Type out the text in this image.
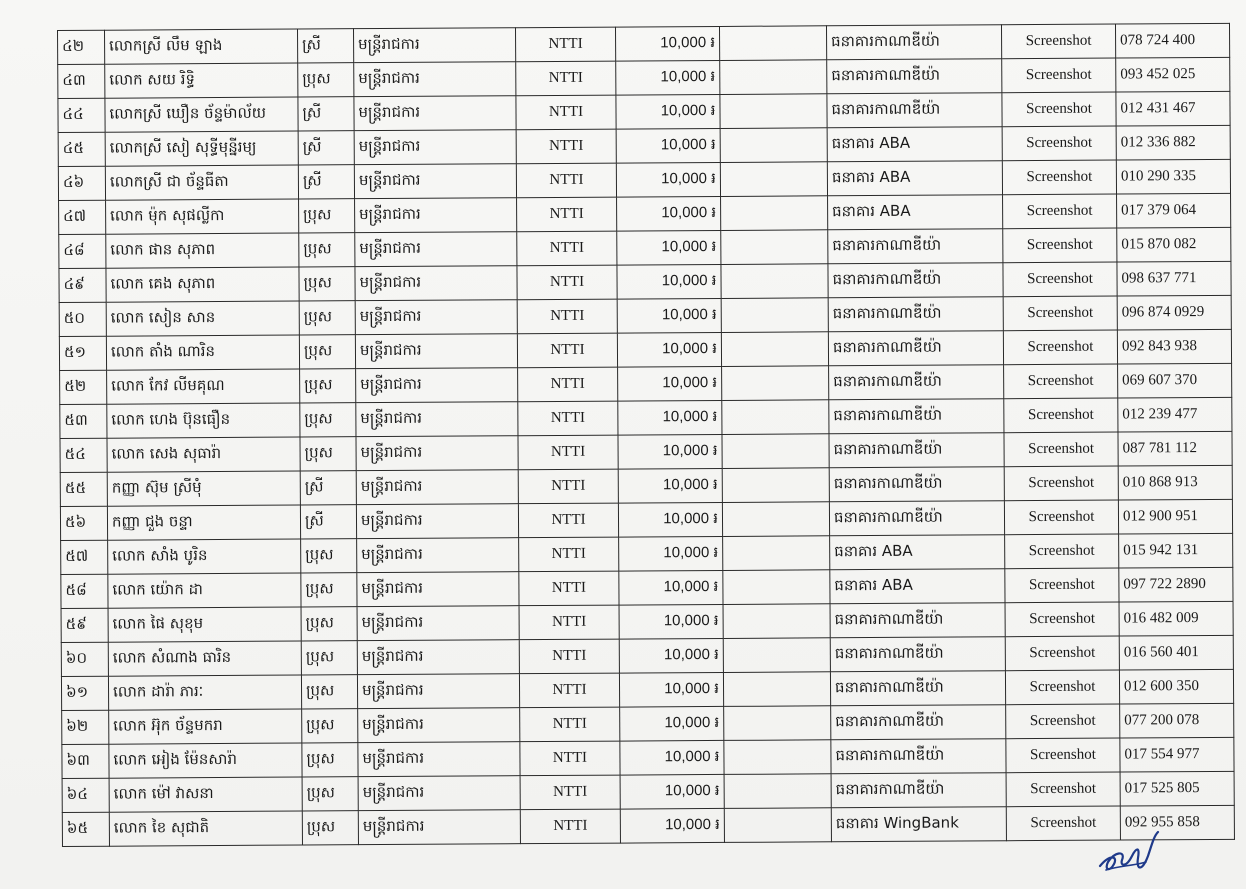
៤២	លោកស្រី លឹម ឡាង	ស្រី	មន្ត្រីរាជការ	NTTI	10,000 ៛		ធនាគារកាណាឌីយ៉ា	Screenshot	078 724 400
៤៣	លោក សយ រិទ្ធិ	ប្រុស	មន្ត្រីរាជការ	NTTI	10,000 ៛		ធនាគារកាណាឌីយ៉ា	Screenshot	093 452 025
៤៤	លោកស្រី ឃឿន ច័ន្ទម៉ាល័យ	ស្រី	មន្ត្រីរាជការ	NTTI	10,000 ៛		ធនាគារកាណាឌីយ៉ា	Screenshot	012 431 467
៤៥	លោកស្រី សៀ សុទ្ធីមុន្នីរម្យ	ស្រី	មន្ត្រីរាជការ	NTTI	10,000 ៛		ធនាគារ ABA	Screenshot	012 336 882
៤៦	លោកស្រី ជា ច័ន្ទធីតា	ស្រី	មន្ត្រីរាជការ	NTTI	10,000 ៛		ធនាគារ ABA	Screenshot	010 290 335
៤៧	លោក ម៉ុក សុផល្លីកា	ប្រុស	មន្ត្រីរាជការ	NTTI	10,000 ៛		ធនាគារ ABA	Screenshot	017 379 064
៤៨	លោក ផាន សុភាព	ប្រុស	មន្ត្រីរាជការ	NTTI	10,000 ៛		ធនាគារកាណាឌីយ៉ា	Screenshot	015 870 082
៤៩	លោក គេង សុភាព	ប្រុស	មន្ត្រីរាជការ	NTTI	10,000 ៛		ធនាគារកាណាឌីយ៉ា	Screenshot	098 637 771
៥០	លោក សៀន សាន	ប្រុស	មន្ត្រីរាជការ	NTTI	10,000 ៛		ធនាគារកាណាឌីយ៉ា	Screenshot	096 874 0929
៥១	លោក តាំង ណារិន	ប្រុស	មន្ត្រីរាជការ	NTTI	10,000 ៛		ធនាគារកាណាឌីយ៉ា	Screenshot	092 843 938
៥២	លោក កែវ លីមគុណ	ប្រុស	មន្ត្រីរាជការ	NTTI	10,000 ៛		ធនាគារកាណាឌីយ៉ា	Screenshot	069 607 370
៥៣	លោក ហេង ប៊ុនធឿន	ប្រុស	មន្ត្រីរាជការ	NTTI	10,000 ៛		ធនាគារកាណាឌីយ៉ា	Screenshot	012 239 477
៥៤	លោក សេង សុធារ៉ា	ប្រុស	មន្ត្រីរាជការ	NTTI	10,000 ៛		ធនាគារកាណាឌីយ៉ា	Screenshot	087 781 112
៥៥	កញ្ញា ស៊ុម ស្រីមុំ	ស្រី	មន្ត្រីរាជការ	NTTI	10,000 ៛		ធនាគារកាណាឌីយ៉ា	Screenshot	010 868 913
៥៦	កញ្ញា ជួង ចន្ទា	ស្រី	មន្ត្រីរាជការ	NTTI	10,000 ៛		ធនាគារកាណាឌីយ៉ា	Screenshot	012 900 951
៥៧	លោក សាំង បូរិន	ប្រុស	មន្ត្រីរាជការ	NTTI	10,000 ៛		ធនាគារ ABA	Screenshot	015 942 131
៥៨	លោក យ៉ោក ដា	ប្រុស	មន្ត្រីរាជការ	NTTI	10,000 ៛		ធនាគារ ABA	Screenshot	097 722 2890
៥៩	លោក ផៃ សុខុម	ប្រុស	មន្ត្រីរាជការ	NTTI	10,000 ៛		ធនាគារកាណាឌីយ៉ា	Screenshot	016 482 009
៦០	លោក សំណាង ធារិន	ប្រុស	មន្ត្រីរាជការ	NTTI	10,000 ៛		ធនាគារកាណាឌីយ៉ា	Screenshot	016 560 401
៦១	លោក ដារ៉ា ភារៈ	ប្រុស	មន្ត្រីរាជការ	NTTI	10,000 ៛		ធនាគារកាណាឌីយ៉ា	Screenshot	012 600 350
៦២	លោក អ៊ុក ច័ន្ទមករា	ប្រុស	មន្ត្រីរាជការ	NTTI	10,000 ៛		ធនាគារកាណាឌីយ៉ា	Screenshot	077 200 078
៦៣	លោក អៀង ម៉ែនសារ៉ា	ប្រុស	មន្ត្រីរាជការ	NTTI	10,000 ៛		ធនាគារកាណាឌីយ៉ា	Screenshot	017 554 977
៦៤	លោក ម៉ៅ វាសនា	ប្រុស	មន្ត្រីរាជការ	NTTI	10,000 ៛		ធនាគារកាណាឌីយ៉ា	Screenshot	017 525 805
៦៥	លោក ខៃ សុជាតិ	ប្រុស	មន្ត្រីរាជការ	NTTI	10,000 ៛		ធនាគារ WingBank	Screenshot	092 955 858
